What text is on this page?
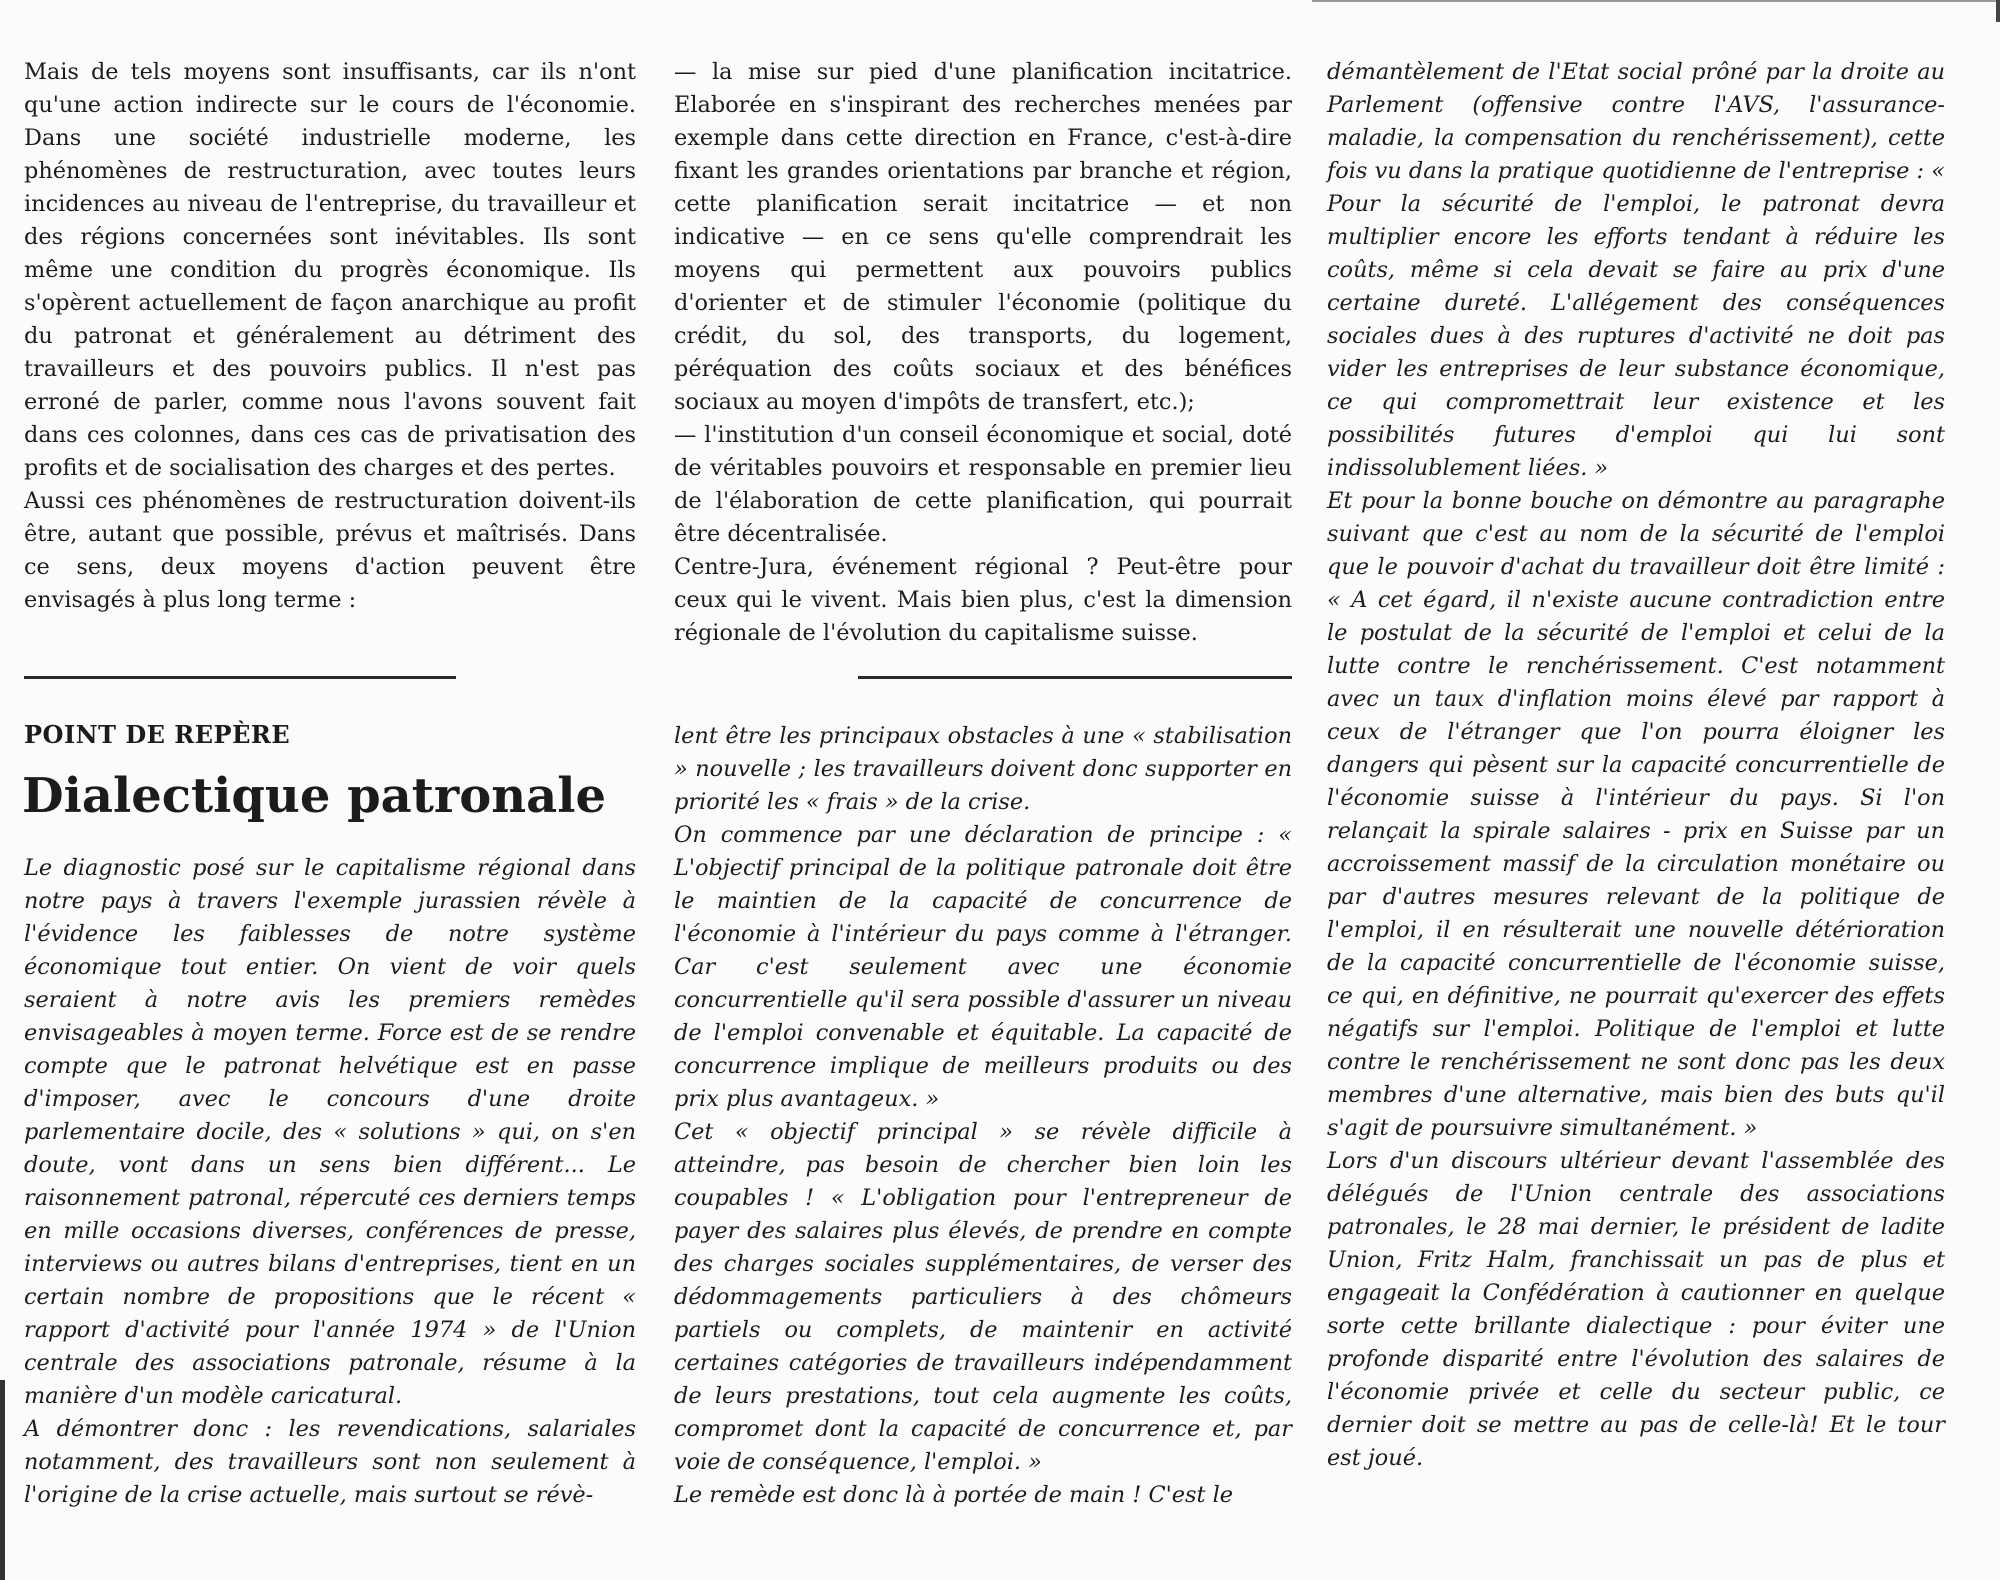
Mais de tels moyens sont insuffisants, car ils n'ont qu'une action indirecte sur le cours de l'économie. Dans une société industrielle moderne, les phénomènes de restructuration, avec toutes leurs incidences au niveau de l'entreprise, du travailleur et des régions concernées sont inévitables. Ils sont même une condition du progrès économique. Ils s'opèrent actuellement de façon anarchique au profit du patronat et généralement au détriment des travailleurs et des pouvoirs publics. Il n'est pas erroné de parler, comme nous l'avons souvent fait dans ces colonnes, dans ces cas de privatisation des profits et de socialisation des charges et des pertes.

Aussi ces phénomènes de restructuration doivent-ils être, autant que possible, prévus et maîtrisés. Dans ce sens, deux moyens d'action peuvent être envisagés à plus long terme :

— la mise sur pied d'une planification incitatrice. Elaborée en s'inspirant des recherches menées par exemple dans cette direction en France, c'est-à-dire fixant les grandes orientations par branche et région, cette planification serait incitatrice — et non indicative — en ce sens qu'elle comprendrait les moyens qui permettent aux pouvoirs publics d'orienter et de stimuler l'économie (politique du crédit, du sol, des transports, du logement, péréquation des coûts sociaux et des bénéfices sociaux au moyen d'impôts de transfert, etc.);

— l'institution d'un conseil économique et social, doté de véritables pouvoirs et responsable en premier lieu de l'élaboration de cette planification, qui pourrait être décentralisée.

Centre-Jura, événement régional ? Peut-être pour ceux qui le vivent. Mais bien plus, c'est la dimension régionale de l'évolution du capitalisme suisse.

POINT DE REPÈRE
Dialectique patronale

Le diagnostic posé sur le capitalisme régional dans notre pays à travers l'exemple jurassien révèle à l'évidence les faiblesses de notre système économique tout entier. On vient de voir quels seraient à notre avis les premiers remèdes envisageables à moyen terme. Force est de se rendre compte que le patronat helvétique est en passe d'imposer, avec le concours d'une droite parlementaire docile, des « solutions » qui, on s'en doute, vont dans un sens bien différent... Le raisonnement patronal, répercuté ces derniers temps en mille occasions diverses, conférences de presse, interviews ou autres bilans d'entreprises, tient en un certain nombre de propositions que le récent « rapport d'activité pour l'année 1974 » de l'Union centrale des associations patronale, résume à la manière d'un modèle caricatural.

A démontrer donc : les revendications, salariales notamment, des travailleurs sont non seulement à l'origine de la crise actuelle, mais surtout se révè-

lent être les principaux obstacles à une « stabilisation » nouvelle ; les travailleurs doivent donc supporter en priorité les « frais » de la crise.

On commence par une déclaration de principe : « L'objectif principal de la politique patronale doit être le maintien de la capacité de concurrence de l'économie à l'intérieur du pays comme à l'étranger. Car c'est seulement avec une économie concurrentielle qu'il sera possible d'assurer un niveau de l'emploi convenable et équitable. La capacité de concurrence implique de meilleurs produits ou des prix plus avantageux. »

Cet « objectif principal » se révèle difficile à atteindre, pas besoin de chercher bien loin les coupables ! « L'obligation pour l'entrepreneur de payer des salaires plus élevés, de prendre en compte des charges sociales supplémentaires, de verser des dédommagements particuliers à des chômeurs partiels ou complets, de maintenir en activité certaines catégories de travailleurs indépendamment de leurs prestations, tout cela augmente les coûts, compromet dont la capacité de concurrence et, par voie de conséquence, l'emploi. »

Le remède est donc là à portée de main ! C'est le

démantèlement de l'Etat social prôné par la droite au Parlement (offensive contre l'AVS, l'assurance-maladie, la compensation du renchérissement), cette fois vu dans la pratique quotidienne de l'entreprise : « Pour la sécurité de l'emploi, le patronat devra multiplier encore les efforts tendant à réduire les coûts, même si cela devait se faire au prix d'une certaine dureté. L'allégement des conséquences sociales dues à des ruptures d'activité ne doit pas vider les entreprises de leur substance économique, ce qui compromettrait leur existence et les possibilités futures d'emploi qui lui sont indissolublement liées. »

Et pour la bonne bouche on démontre au paragraphe suivant que c'est au nom de la sécurité de l'emploi que le pouvoir d'achat du travailleur doit être limité : « A cet égard, il n'existe aucune contradiction entre le postulat de la sécurité de l'emploi et celui de la lutte contre le renchérissement. C'est notamment avec un taux d'inflation moins élevé par rapport à ceux de l'étranger que l'on pourra éloigner les dangers qui pèsent sur la capacité concurrentielle de l'économie suisse à l'intérieur du pays. Si l'on relançait la spirale salaires - prix en Suisse par un accroissement massif de la circulation monétaire ou par d'autres mesures relevant de la politique de l'emploi, il en résulterait une nouvelle détérioration de la capacité concurrentielle de l'économie suisse, ce qui, en définitive, ne pourrait qu'exercer des effets négatifs sur l'emploi. Politique de l'emploi et lutte contre le renchérissement ne sont donc pas les deux membres d'une alternative, mais bien des buts qu'il s'agit de poursuivre simultanément. »

Lors d'un discours ultérieur devant l'assemblée des délégués de l'Union centrale des associations patronales, le 28 mai dernier, le président de ladite Union, Fritz Halm, franchissait un pas de plus et engageait la Confédération à cautionner en quelque sorte cette brillante dialectique : pour éviter une profonde disparité entre l'évolution des salaires de l'économie privée et celle du secteur public, ce dernier doit se mettre au pas de celle-là! Et le tour est joué.
